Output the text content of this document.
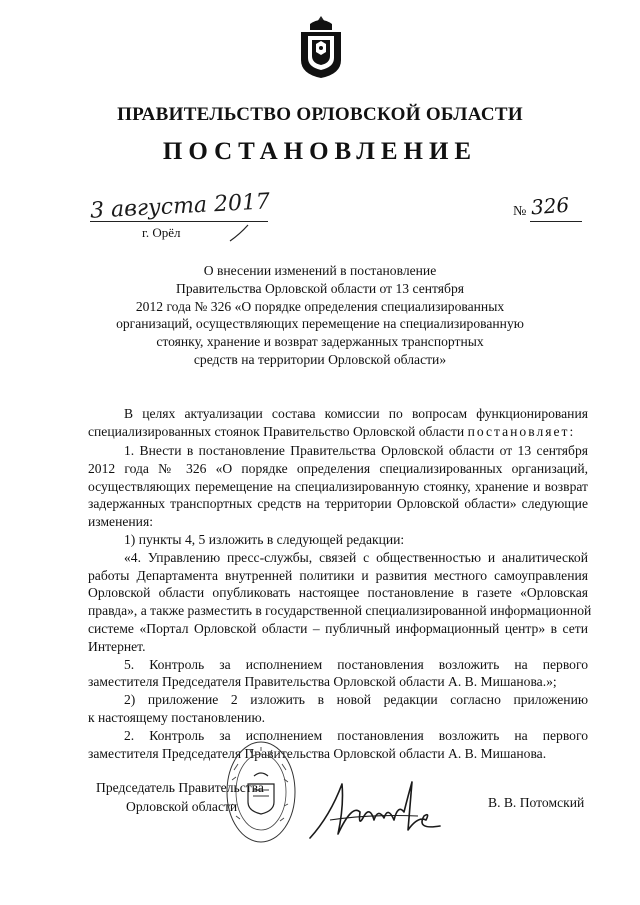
ПРАВИТЕЛЬСТВО ОРЛОВСКОЙ ОБЛАСТИ
ПОСТАНОВЛЕНИЕ
3 августа 2017
г. Орёл
№ 326
О внесении изменений в постановление
Правительства Орловской области от 13 сентября
2012 года № 326 «О порядке определения специализированных
организаций, осуществляющих перемещение на специализированную
стоянку, хранение и возврат задержанных транспортных
средств на территории Орловской области»
В целях актуализации состава комиссии по вопросам функционирования
специализированных стоянок Правительство Орловской области постановляет:
1. Внести в постановление Правительства Орловской области от 13 сентября
2012 года № 326 «О порядке определения специализированных организаций,
осуществляющих перемещение на специализированную стоянку, хранение и возврат
задержанных транспортных средств на территории Орловской области» следующие
изменения:
1) пункты 4, 5 изложить в следующей редакции:
«4. Управлению пресс-службы, связей с общественностью и аналитической
работы Департамента внутренней политики и развития местного самоуправления
Орловской области опубликовать настоящее постановление в газете «Орловская
правда», а также разместить в государственной специализированной информационной
системе «Портал Орловской области – публичный информационный центр» в сети
Интернет.
5. Контроль за исполнением постановления возложить на первого
заместителя Председателя Правительства Орловской области А. В. Мишанова.»;
2) приложение 2 изложить в новой редакции согласно приложению
к настоящему постановлению.
2. Контроль за исполнением постановления возложить на первого
заместителя Председателя Правительства Орловской области А. В. Мишанова.
Председатель Правительства
Орловской области	В. В. Потомский
